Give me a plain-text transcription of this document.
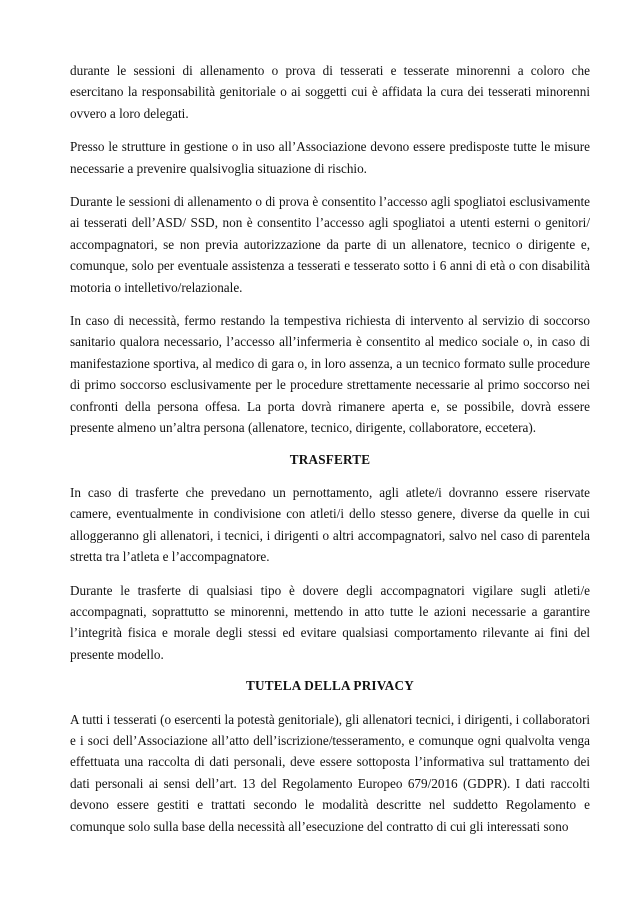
durante le sessioni di allenamento o prova di tesserati e tesserate minorenni a coloro che esercitano la responsabilità genitoriale o ai soggetti cui è affidata la cura dei tesserati minorenni ovvero a loro delegati.

Presso le strutture in gestione o in uso all’Associazione devono essere predisposte tutte le misure necessarie a prevenire qualsivoglia situazione di rischio.

Durante le sessioni di allenamento o di prova è consentito l’accesso agli spogliatoi esclusivamente ai tesserati dell’ASD/ SSD, non è consentito l’accesso agli spogliatoi a utenti esterni o genitori/ accompagnatori, se non previa autorizzazione da parte di un allenatore, tecnico o dirigente e, comunque, solo per eventuale assistenza a tesserati e tesserato sotto i 6 anni di età o con disabilità motoria o intelletivo/relazionale.

In caso di necessità, fermo restando la tempestiva richiesta di intervento al servizio di soccorso sanitario qualora necessario, l’accesso all’infermeria è consentito al medico sociale o, in caso di manifestazione sportiva, al medico di gara o, in loro assenza, a un tecnico formato sulle procedure di primo soccorso esclusivamente per le procedure strettamente necessarie al primo soccorso nei confronti della persona offesa. La porta dovrà rimanere aperta e, se possibile, dovrà essere presente almeno un’altra persona (allenatore, tecnico, dirigente, collaboratore, eccetera).

TRASFERTE

In caso di trasferte che prevedano un pernottamento, agli atlete/i dovranno essere riservate camere, eventualmente in condivisione con atleti/i dello stesso genere, diverse da quelle in cui alloggeranno gli allenatori, i tecnici, i dirigenti o altri accompagnatori, salvo nel caso di parentela stretta tra l’atleta e l’accompagnatore.

Durante le trasferte di qualsiasi tipo è dovere degli accompagnatori vigilare sugli atleti/e accompagnati, soprattutto se minorenni, mettendo in atto tutte le azioni necessarie a garantire l’integrità fisica e morale degli stessi ed evitare qualsiasi comportamento rilevante ai fini del presente modello.

TUTELA DELLA PRIVACY

A tutti i tesserati (o esercenti la potestà genitoriale), gli allenatori tecnici, i dirigenti, i collaboratori e i soci dell’Associazione all’atto dell’iscrizione/tesseramento, e comunque ogni qualvolta venga effettuata una raccolta di dati personali, deve essere sottoposta l’informativa sul trattamento dei dati personali ai sensi dell’art. 13 del Regolamento Europeo 679/2016 (GDPR). I dati raccolti devono essere gestiti e trattati secondo le modalità descritte nel suddetto Regolamento e comunque solo sulla base della necessità all’esecuzione del contratto di cui gli interessati sono
